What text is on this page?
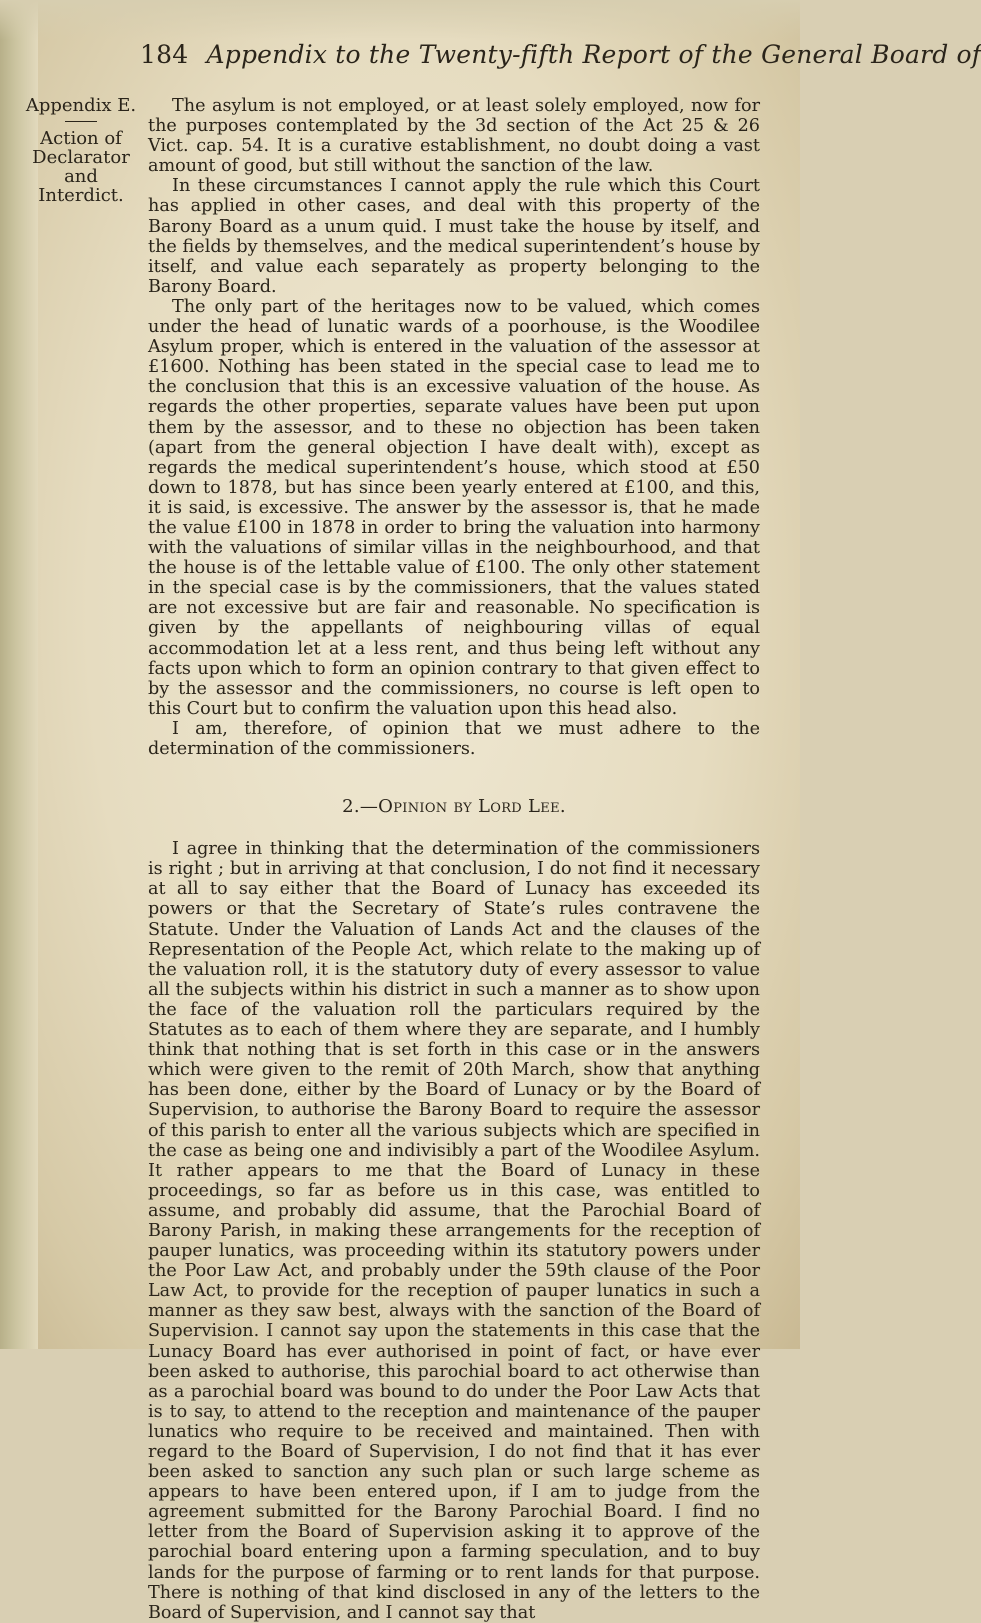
184 Appendix to the Twenty-fifth Report of the General Board of
Appendix E.
Action of
Declarator and
Interdict.

The asylum is not employed, or at least solely employed, now for the purposes contemplated by the 3d section of the Act 25 & 26 Vict. cap. 54. It is a curative establishment, no doubt doing a vast amount of good, but still without the sanction of the law.

In these circumstances I cannot apply the rule which this Court has applied in other cases, and deal with this property of the Barony Board as a unum quid. I must take the house by itself, and the fields by themselves, and the medical superintendent’s house by itself, and value each separately as property belonging to the Barony Board.

The only part of the heritages now to be valued, which comes under the head of lunatic wards of a poorhouse, is the Woodilee Asylum proper, which is entered in the valuation of the assessor at £1600. Nothing has been stated in the special case to lead me to the conclusion that this is an excessive valuation of the house. As regards the other properties, separate values have been put upon them by the assessor, and to these no objection has been taken (apart from the general objection I have dealt with), except as regards the medical superintendent’s house, which stood at £50 down to 1878, but has since been yearly entered at £100, and this, it is said, is excessive. The answer by the assessor is, that he made the value £100 in 1878 in order to bring the valuation into harmony with the valuations of similar villas in the neighbourhood, and that the house is of the lettable value of £100. The only other statement in the special case is by the commissioners, that the values stated are not excessive but are fair and reasonable. No specification is given by the appellants of neighbouring villas of equal accommodation let at a less rent, and thus being left without any facts upon which to form an opinion contrary to that given effect to by the assessor and the commissioners, no course is left open to this Court but to confirm the valuation upon this head also.

I am, therefore, of opinion that we must adhere to the determination of the commissioners.

2.—Opinion by Lord Lee.

I agree in thinking that the determination of the commissioners is right ; but in arriving at that conclusion, I do not find it necessary at all to say either that the Board of Lunacy has exceeded its powers or that the Secretary of State’s rules contravene the Statute. Under the Valuation of Lands Act and the clauses of the Representation of the People Act, which relate to the making up of the valuation roll, it is the statutory duty of every assessor to value all the subjects within his district in such a manner as to show upon the face of the valuation roll the particulars required by the Statutes as to each of them where they are separate, and I humbly think that nothing that is set forth in this case or in the answers which were given to the remit of 20th March, show that anything has been done, either by the Board of Lunacy or by the Board of Supervision, to authorise the Barony Board to require the assessor of this parish to enter all the various subjects which are specified in the case as being one and indivisibly a part of the Woodilee Asylum. It rather appears to me that the Board of Lunacy in these proceedings, so far as before us in this case, was entitled to assume, and probably did assume, that the Parochial Board of Barony Parish, in making these arrangements for the reception of pauper lunatics, was proceeding within its statutory powers under the Poor Law Act, and probably under the 59th clause of the Poor Law Act, to provide for the reception of pauper lunatics in such a manner as they saw best, always with the sanction of the Board of Supervision. I cannot say upon the statements in this case that the Lunacy Board has ever authorised in point of fact, or have ever been asked to authorise, this parochial board to act otherwise than as a parochial board was bound to do under the Poor Law Acts that is to say, to attend to the reception and maintenance of the pauper lunatics who require to be received and maintained. Then with regard to the Board of Supervision, I do not find that it has ever been asked to sanction any such plan or such large scheme as appears to have been entered upon, if I am to judge from the agreement submitted for the Barony Parochial Board. I find no letter from the Board of Supervision asking it to approve of the parochial board entering upon a farming speculation, and to buy lands for the purpose of farming or to rent lands for that purpose. There is nothing of that kind disclosed in any of the letters to the Board of Supervision, and I cannot say that
